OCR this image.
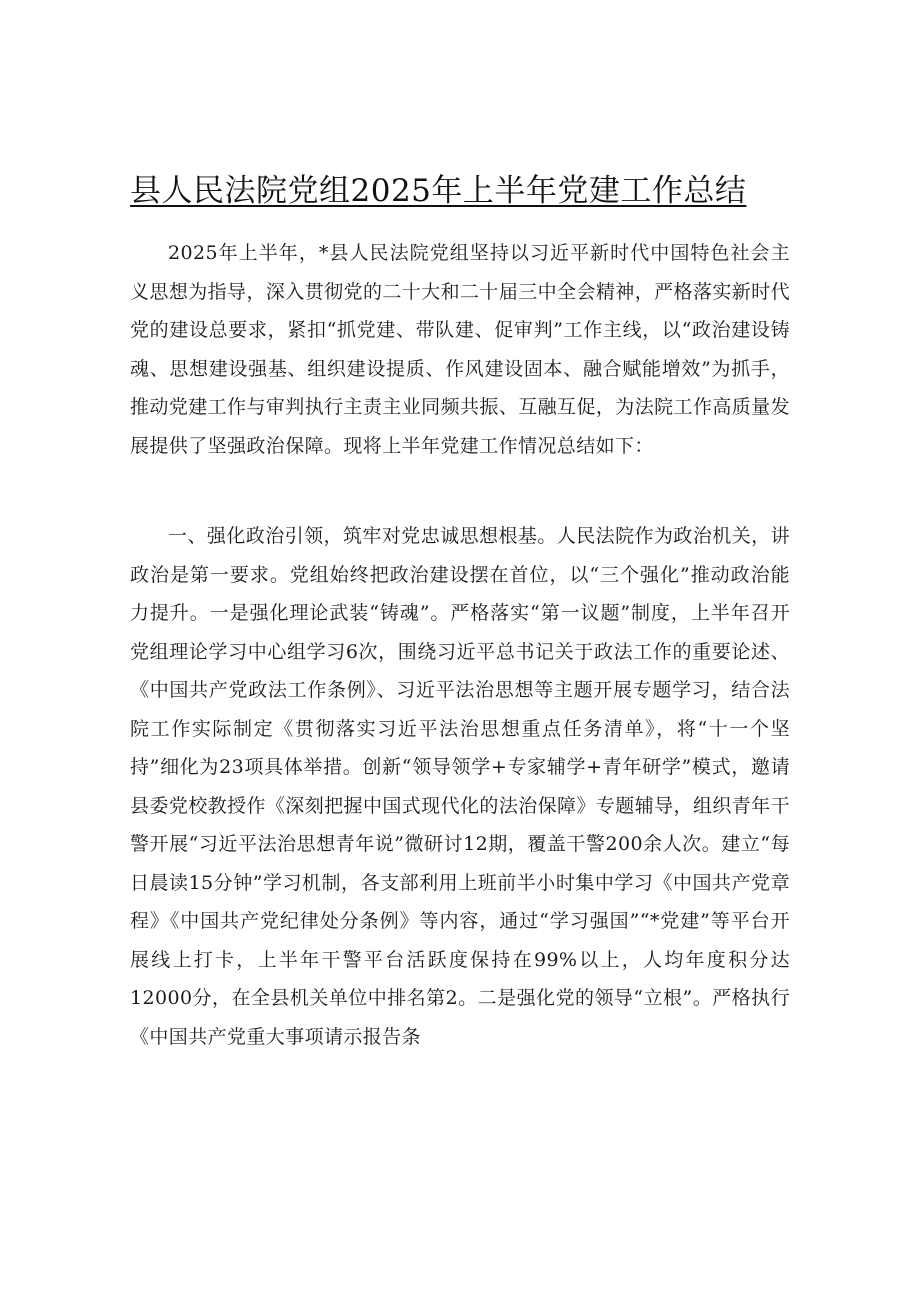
县人民法院党组2025年上半年党建工作总结

2025年上半年，*县人民法院党组坚持以习近平新时代中国特色社会主义思想为指导，深入贯彻党的二十大和二十届三中全会精神，严格落实新时代党的建设总要求，紧扣“抓党建、带队建、促审判”工作主线，以“政治建设铸魂、思想建设强基、组织建设提质、作风建设固本、融合赋能增效”为抓手，推动党建工作与审判执行主责主业同频共振、互融互促，为法院工作高质量发展提供了坚强政治保障。现将上半年党建工作情况总结如下：

一、强化政治引领，筑牢对党忠诚思想根基。人民法院作为政治机关，讲政治是第一要求。党组始终把政治建设摆在首位，以“三个强化”推动政治能力提升。一是强化理论武装“铸魂”。严格落实“第一议题”制度，上半年召开党组理论学习中心组学习6次，围绕习近平总书记关于政法工作的重要论述、《中国共产党政法工作条例》、习近平法治思想等主题开展专题学习，结合法院工作实际制定《贯彻落实习近平法治思想重点任务清单》，将“十一个坚持”细化为23项具体举措。创新“领导领学+专家辅学+青年研学”模式，邀请县委党校教授作《深刻把握中国式现代化的法治保障》专题辅导，组织青年干警开展“习近平法治思想青年说”微研讨12期，覆盖干警200余人次。建立“每日晨读15分钟”学习机制，各支部利用上班前半小时集中学习《中国共产党章程》《中国共产党纪律处分条例》等内容，通过“学习强国”“*党建”等平台开展线上打卡，上半年干警平台活跃度保持在99%以上，人均年度积分达12000分，在全县机关单位中排名第2。二是强化党的领导“立根”。严格执行《中国共产党重大事项请示报告条
